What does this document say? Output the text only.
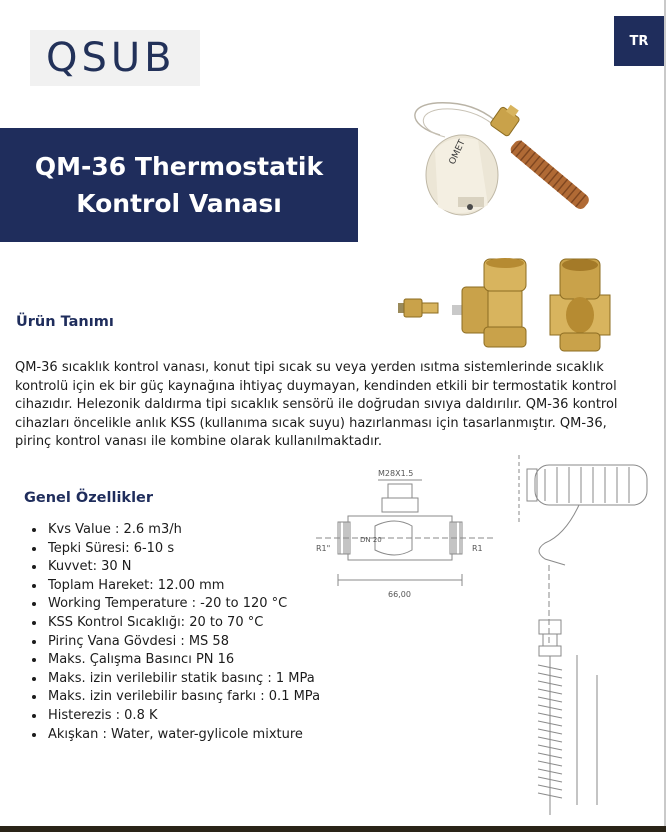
QSUB	TR
QM-36 Thermostatik Kontrol Vanası
OMET
Ürün Tanımı
QM-36 sıcaklık kontrol vanası, konut tipi sıcak su veya yerden ısıtma sistemlerinde sıcaklık kontrolü için ek bir güç kaynağına ihtiyaç duymayan, kendinden etkili bir termostatik kontrol cihazıdır. Helezonik daldırma tipi sıcaklık sensörü ile doğrudan sıvıya daldırılır. QM-36 kontrol cihazları öncelikle anlık KSS (kullanıma sıcak suyu) hazırlanması için tasarlanmıştır. QM-36, pirinç kontrol vanası ile kombine olarak kullanılmaktadır.
Genel Özellikler
• Kvs Value : 2.6 m3/h
• Tepki Süresi: 6-10 s
• Kuvvet: 30 N
• Toplam Hareket: 12.00 mm
• Working Temperature : -20 to 120 °C
• KSS Kontrol Sıcaklığı: 20 to 70 °C
• Pirinç Vana Gövdesi : MS 58
• Maks. Çalışma Basıncı PN 16
• Maks. izin verilebilir statik basınç : 1 MPa
• Maks. izin verilebilir basınç farkı : 0.1 MPa
• Histerezis : 0.8 K
• Akışkan : Water, water-gylicole mixture
M28X1.5
R1"	R1
DN 20
66,00
